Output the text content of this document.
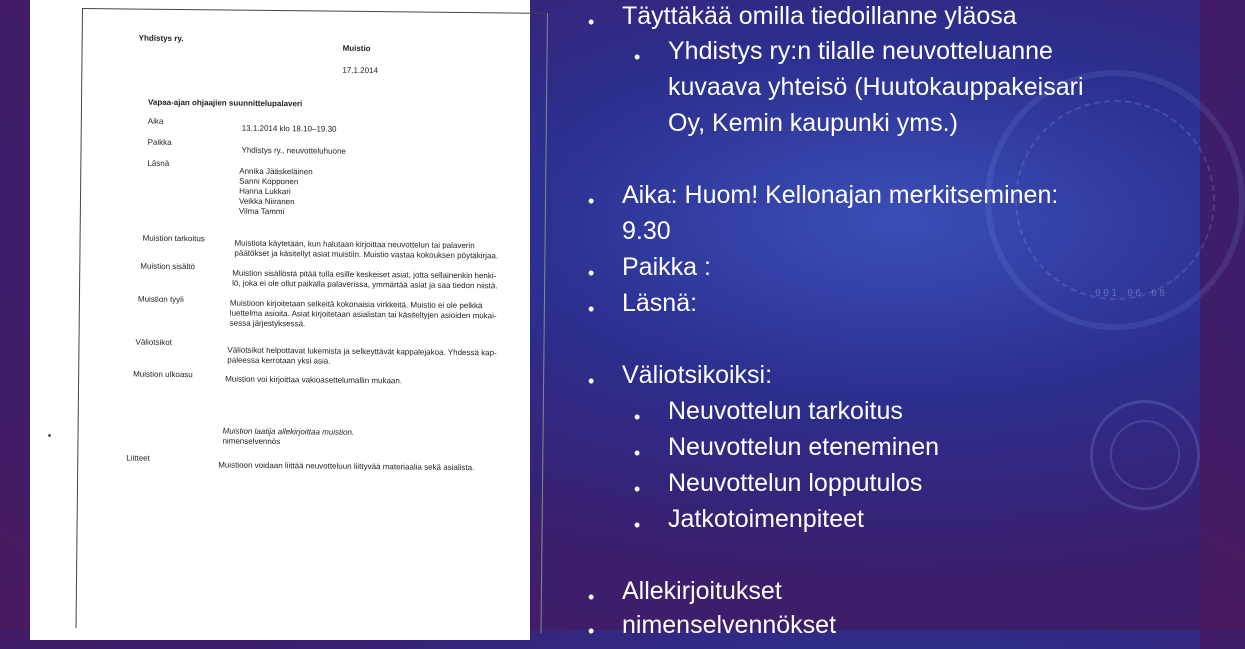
001 06 08
Yhdistys ry.
Muistio
17.1.2014
Vapaa-ajan ohjaajien suunnittelupalaveri
Aika
13.1.2014 klo 18.10–19.30
Paikka
Yhdistys ry., neuvotteluhuone
Läsnä
Annika Jääskeläinen
Sanni Kopponen
Hanna Lukkari
Veikka Niiranen
Vilma Tammi
Muistion tarkoitus
Muistiota käytetään, kun halutaan kirjoittaa neuvottelun tai palaverin
päätökset ja käsitellyt asiat muistiin. Muistio vastaa kokouksen pöytäkirjaa.
Muistion sisältö
Muistion sisällöstä pitää tulla esille keskeiset asiat, jotta sellainenkin henki-
lö, joka ei ole ollut paikalla palaverissa, ymmärtää asiat ja saa tiedon niistä.
Muistion tyyli	Muistioon kirjoitetaan selkeitä kokonaisia virkkeitä. Muistio ei ole pelkkä
luettelma asioita. Asiat kirjoitetaan asialistan tai käsiteltyjen asioiden mukai-
sessa järjestyksessä.
Väliotsikot
Väliotsikot helpottavat lukemista ja selkeyttävät kappalejakoa. Yhdessä kap-
paleessa kerrotaan yksi asia.
Muistion ulkoasu
Muistion voi kirjoittaa vakioasettelumallin mukaan.
Muistion laatija allekirjoittaa muistion.
nimenselvennös
Liitteet
Muistioon voidaan liittää neuvotteluun liittyvää materiaalia sekä asialista.
• Täyttäkää omilla tiedoillanne yläosa
• Yhdistys ry:n tilalle neuvotteluanne
kuvaava yhteisö (Huutokauppakeisari
Oy, Kemin kaupunki yms.)
• Aika: Huom! Kellonajan merkitseminen:
9.30
• Paikka :
• Läsnä:
• Väliotsikoiksi:
• Neuvottelun tarkoitus
• Neuvottelun eteneminen
• Neuvottelun lopputulos
• Jatkotoimenpiteet
• Allekirjoitukset
• nimenselvennökset
